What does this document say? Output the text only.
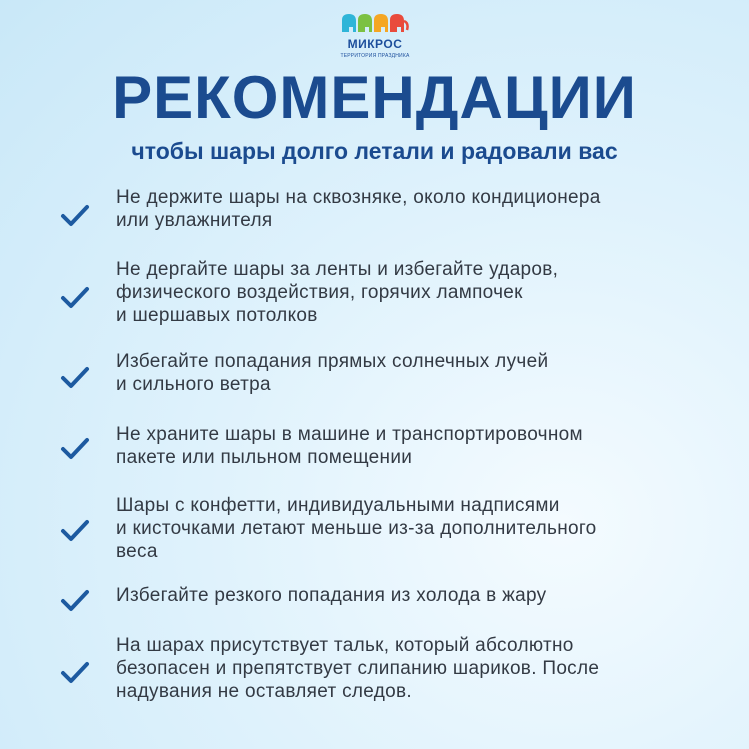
МИКРОС
ТЕРРИТОРИЯ ПРАЗДНИКА
РЕКОМЕНДАЦИИ
чтобы шары долго летали и радовали вас
Не держите шары на сквозняке, около кондиционера
или увлажнителя
Не дергайте шары за ленты и избегайте ударов,
физического воздействия, горячих лампочек
и шершавых потолков
Избегайте попадания прямых солнечных лучей
и сильного ветра
Не храните шары в машине и транспортировочном
пакете или пыльном помещении
Шары с конфетти, индивидуальными надписями
и кисточками летают меньше из-за дополнительного
веса
Избегайте резкого попадания из холода в жару
На шарах присутствует тальк, который абсолютно
безопасен и препятствует слипанию шариков. После
надувания не оставляет следов.
